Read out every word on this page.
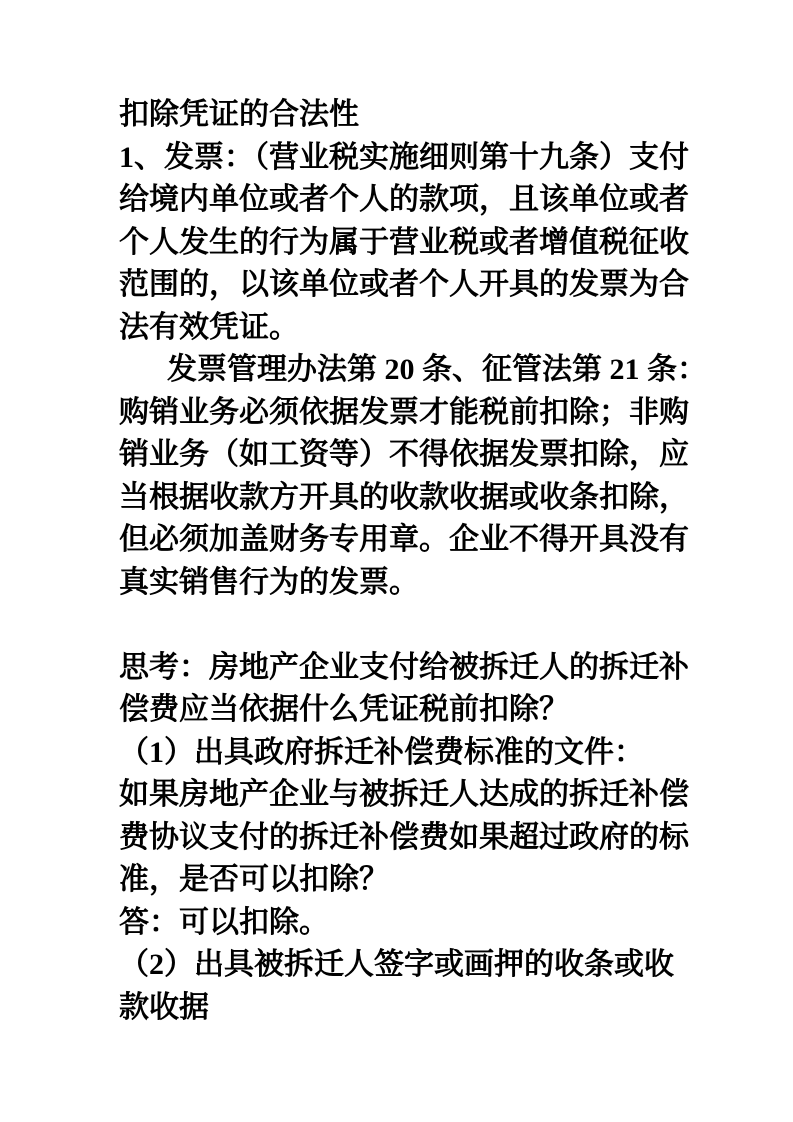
扣除凭证的合法性
1、发票：（营业税实施细则第十九条）支付
给境内单位或者个人的款项，且该单位或者
个人发生的行为属于营业税或者增值税征收
范围的，以该单位或者个人开具的发票为合
法有效凭证。
发票管理办法第 20 条、征管法第 21 条：
购销业务必须依据发票才能税前扣除；非购
销业务（如工资等）不得依据发票扣除，应
当根据收款方开具的收款收据或收条扣除，
但必须加盖财务专用章。企业不得开具没有
真实销售行为的发票。
思考：房地产企业支付给被拆迁人的拆迁补
偿费应当依据什么凭证税前扣除？
（1）出具政府拆迁补偿费标准的文件：
如果房地产企业与被拆迁人达成的拆迁补偿
费协议支付的拆迁补偿费如果超过政府的标
准，是否可以扣除？
答：可以扣除。
（2）出具被拆迁人签字或画押的收条或收
款收据
